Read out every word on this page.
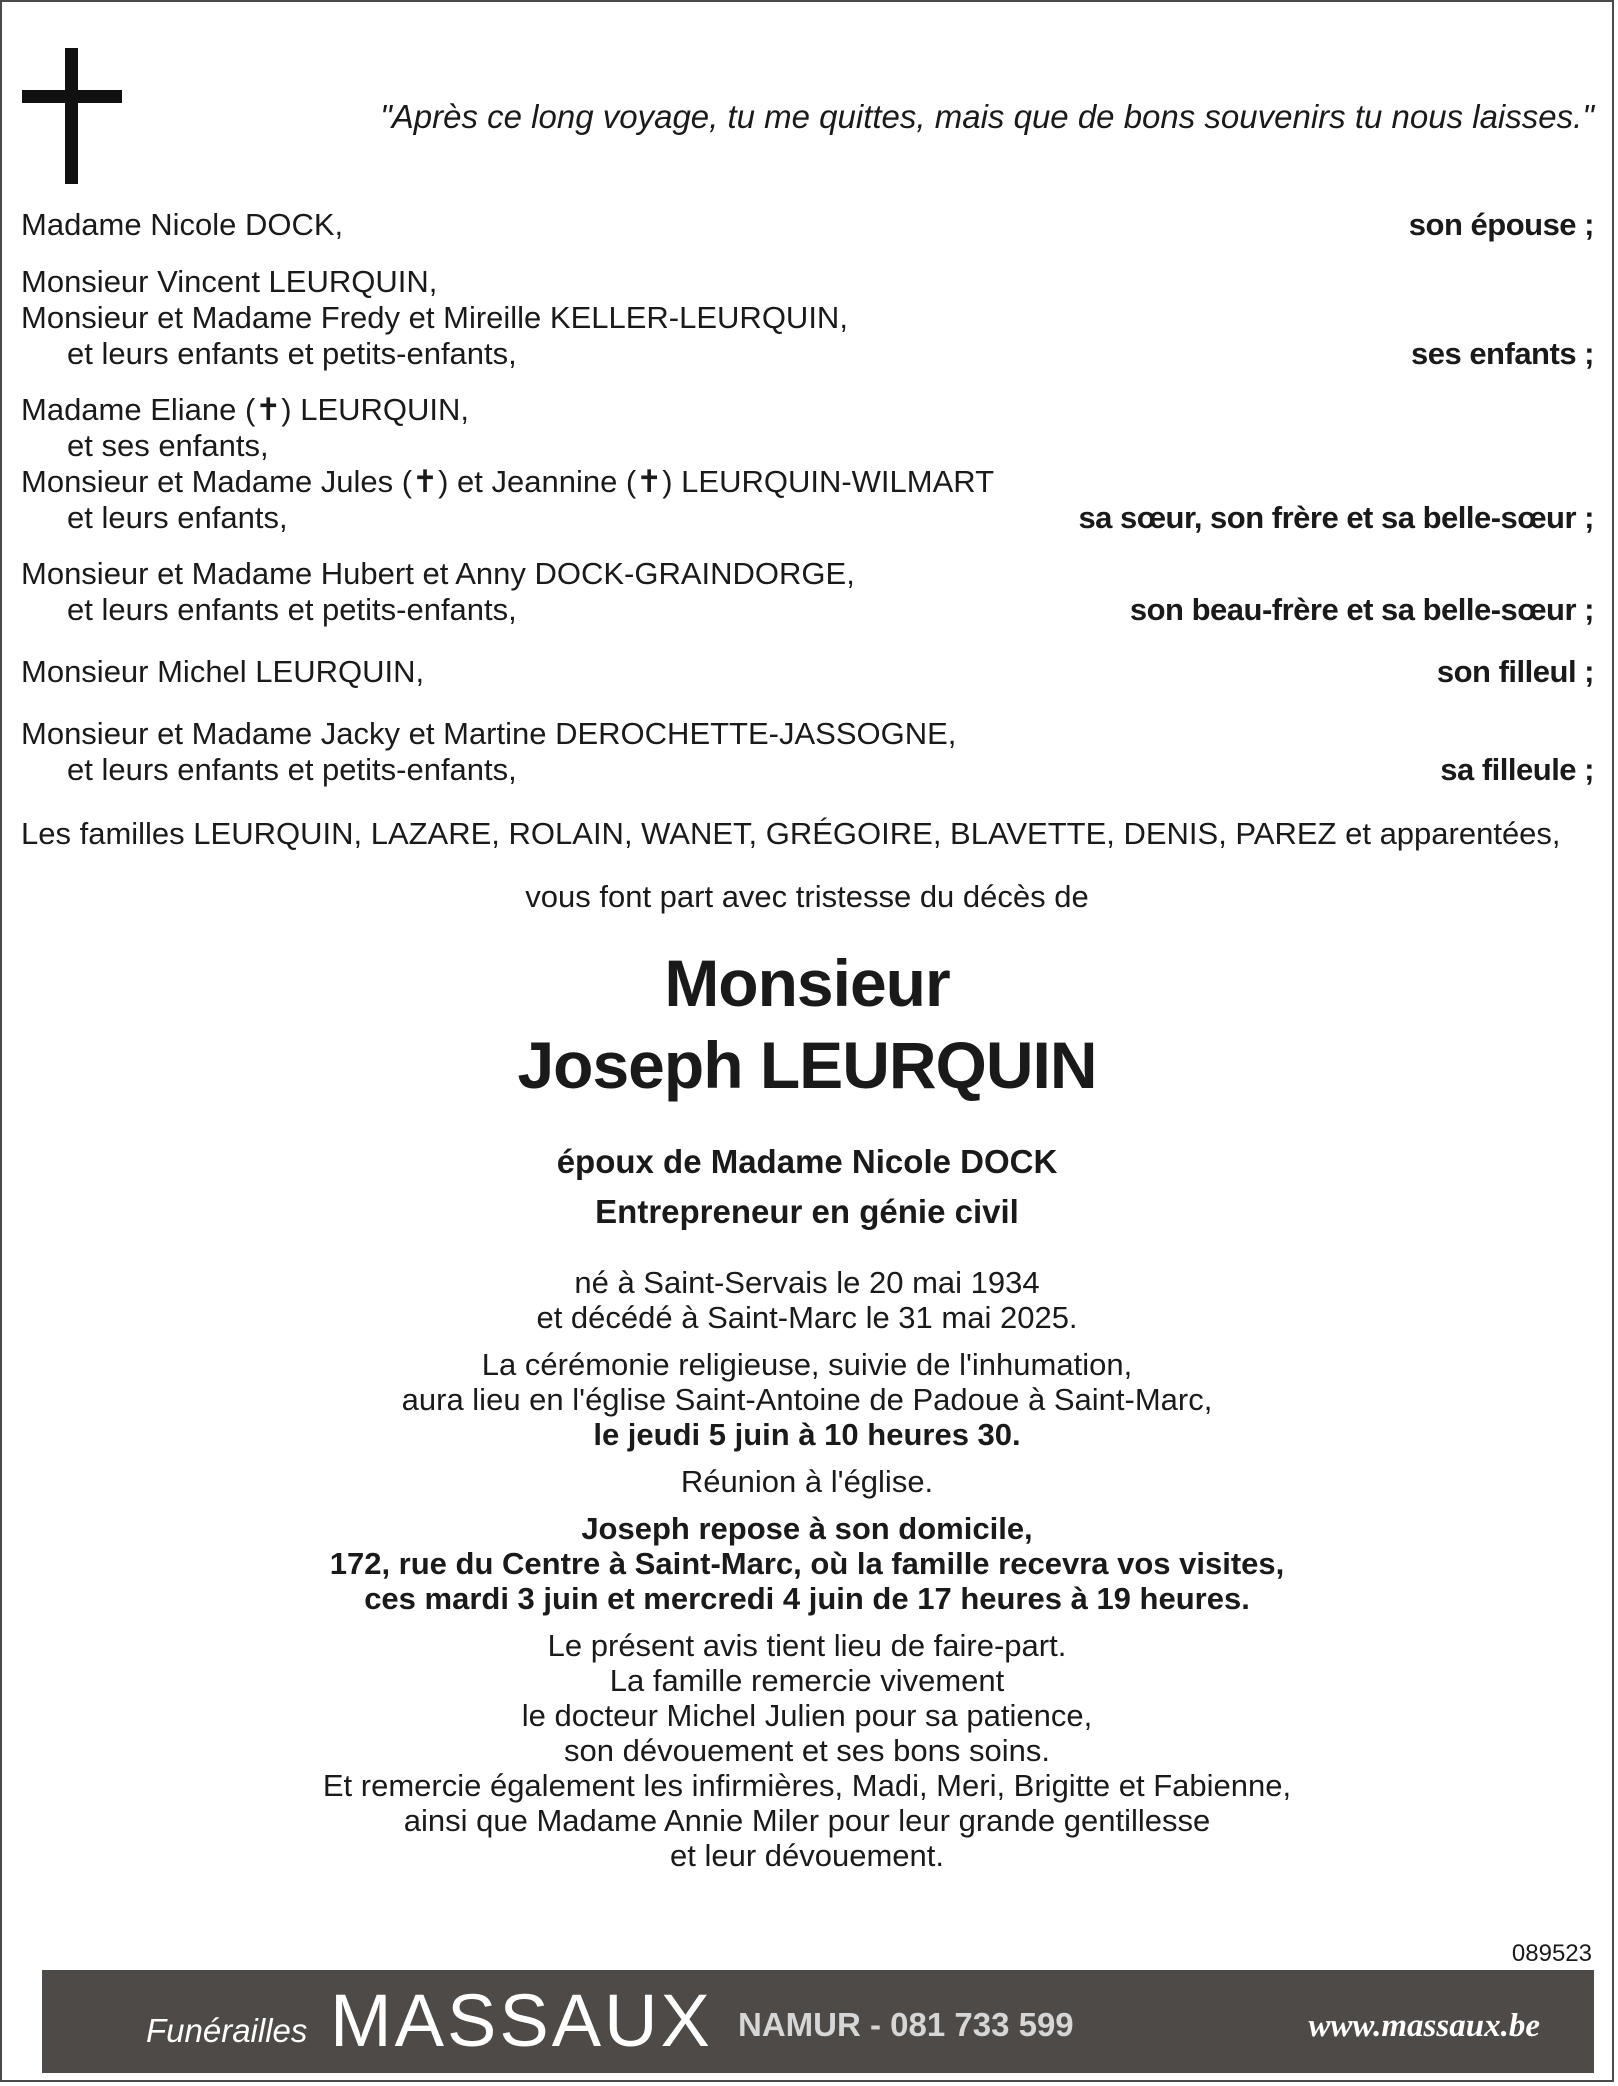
"Après ce long voyage, tu me quittes, mais que de bons souvenirs tu nous laisses."
Madame Nicole DOCK,	son épouse ;
Monsieur Vincent LEURQUIN,
Monsieur et Madame Fredy et Mireille KELLER-LEURQUIN,
et leurs enfants et petits-enfants,	ses enfants ;
Madame Eliane (✝) LEURQUIN,
et ses enfants,
Monsieur et Madame Jules (✝) et Jeannine (✝) LEURQUIN-WILMART
et leurs enfants,	sa sœur, son frère et sa belle-sœur ;
Monsieur et Madame Hubert et Anny DOCK-GRAINDORGE,
et leurs enfants et petits-enfants,	son beau-frère et sa belle-sœur ;
Monsieur Michel LEURQUIN,	son filleul ;
Monsieur et Madame Jacky et Martine DEROCHETTE-JASSOGNE,
et leurs enfants et petits-enfants,	sa filleule ;
Les familles LEURQUIN, LAZARE, ROLAIN, WANET, GRÉGOIRE, BLAVETTE, DENIS, PAREZ et apparentées,
vous font part avec tristesse du décès de
Monsieur
Joseph LEURQUIN
époux de Madame Nicole DOCK
Entrepreneur en génie civil
né à Saint-Servais le 20 mai 1934
et décédé à Saint-Marc le 31 mai 2025.
La cérémonie religieuse, suivie de l'inhumation,
aura lieu en l'église Saint-Antoine de Padoue à Saint-Marc,
le jeudi 5 juin à 10 heures 30.
Réunion à l'église.
Joseph repose à son domicile,
172, rue du Centre à Saint-Marc, où la famille recevra vos visites,
ces mardi 3 juin et mercredi 4 juin de 17 heures à 19 heures.
Le présent avis tient lieu de faire-part.
La famille remercie vivement
le docteur Michel Julien pour sa patience,
son dévouement et ses bons soins.
Et remercie également les infirmières, Madi, Meri, Brigitte et Fabienne,
ainsi que Madame Annie Miler pour leur grande gentillesse
et leur dévouement.
089523
Funérailles MASSAUX NAMUR - 081 733 599	www.massaux.be
